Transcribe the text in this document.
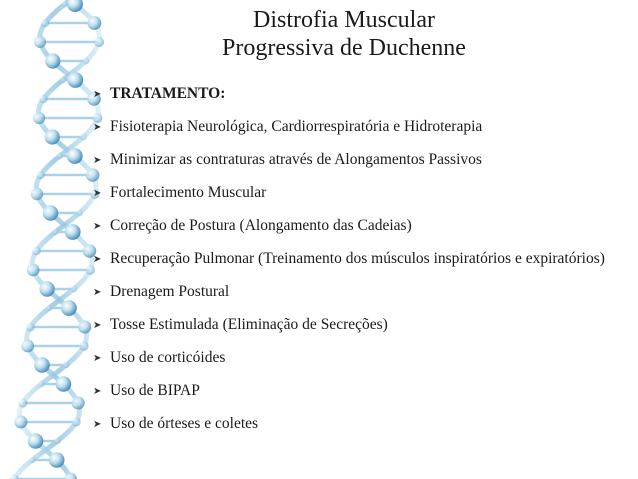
Distrofia Muscular
Progressiva de Duchenne
➤ TRATAMENTO:
➤ Fisioterapia Neurológica, Cardiorrespiratória e Hidroterapia
➤ Minimizar as contraturas através de Alongamentos Passivos
➤ Fortalecimento Muscular
➤ Correção de Postura (Alongamento das Cadeias)
➤ Recuperação Pulmonar (Treinamento dos músculos inspiratórios e expiratórios)
➤ Drenagem Postural
➤ Tosse Estimulada (Eliminação de Secreções)
➤ Uso de corticóides
➤ Uso de BIPAP
➤ Uso de órteses e coletes
